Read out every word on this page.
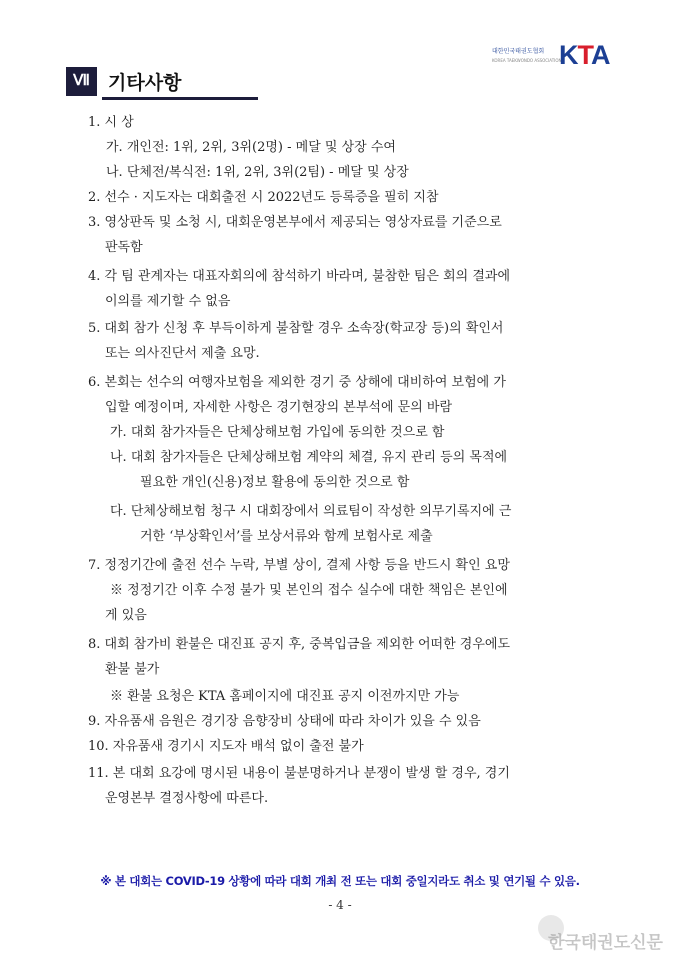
대한민국태권도협회
KOREA TAEKWONDO ASSOCIATION
KTA
Ⅶ 기타사항
1. 시 상
가. 개인전: 1위, 2위, 3위(2명) - 메달 및 상장 수여
나. 단체전/복식전: 1위, 2위, 3위(2팀) - 메달 및 상장
2. 선수 · 지도자는 대회출전 시 2022년도 등록증을 필히 지참
3. 영상판독 및 소청 시, 대회운영본부에서 제공되는 영상자료를 기준으로
판독함
4. 각 팀 관계자는 대표자회의에 참석하기 바라며, 불참한 팀은 회의 결과에
이의를 제기할 수 없음
5. 대회 참가 신청 후 부득이하게 불참할 경우 소속장(학교장 등)의 확인서
또는 의사진단서 제출 요망.
6. 본회는 선수의 여행자보험을 제외한 경기 중 상해에 대비하여 보험에 가
입할 예정이며, 자세한 사항은 경기현장의 본부석에 문의 바람
가. 대회 참가자들은 단체상해보험 가입에 동의한 것으로 함
나. 대회 참가자들은 단체상해보험 계약의 체결, 유지 관리 등의 목적에
필요한 개인(신용)정보 활용에 동의한 것으로 함
다. 단체상해보험 청구 시 대회장에서 의료팀이 작성한 의무기록지에 근
거한 ‘부상확인서’를 보상서류와 함께 보험사로 제출
7. 정정기간에 출전 선수 누락, 부별 상이, 결제 사항 등을 반드시 확인 요망
※ 정정기간 이후 수정 불가 및 본인의 접수 실수에 대한 책임은 본인에
게 있음
8. 대회 참가비 환불은 대진표 공지 후, 중복입금을 제외한 어떠한 경우에도
환불 불가
※ 환불 요청은 KTA 홈페이지에 대진표 공지 이전까지만 가능
9. 자유품새 음원은 경기장 음향장비 상태에 따라 차이가 있을 수 있음
10. 자유품새 경기시 지도자 배석 없이 출전 불가
11. 본 대회 요강에 명시된 내용이 불분명하거나 분쟁이 발생 할 경우, 경기
운영본부 결정사항에 따른다.
※ 본 대회는 COVID-19 상황에 따라 대회 개최 전 또는 대회 중일지라도 취소 및 연기될 수 있음.
- 4 -
한국태권도신문
